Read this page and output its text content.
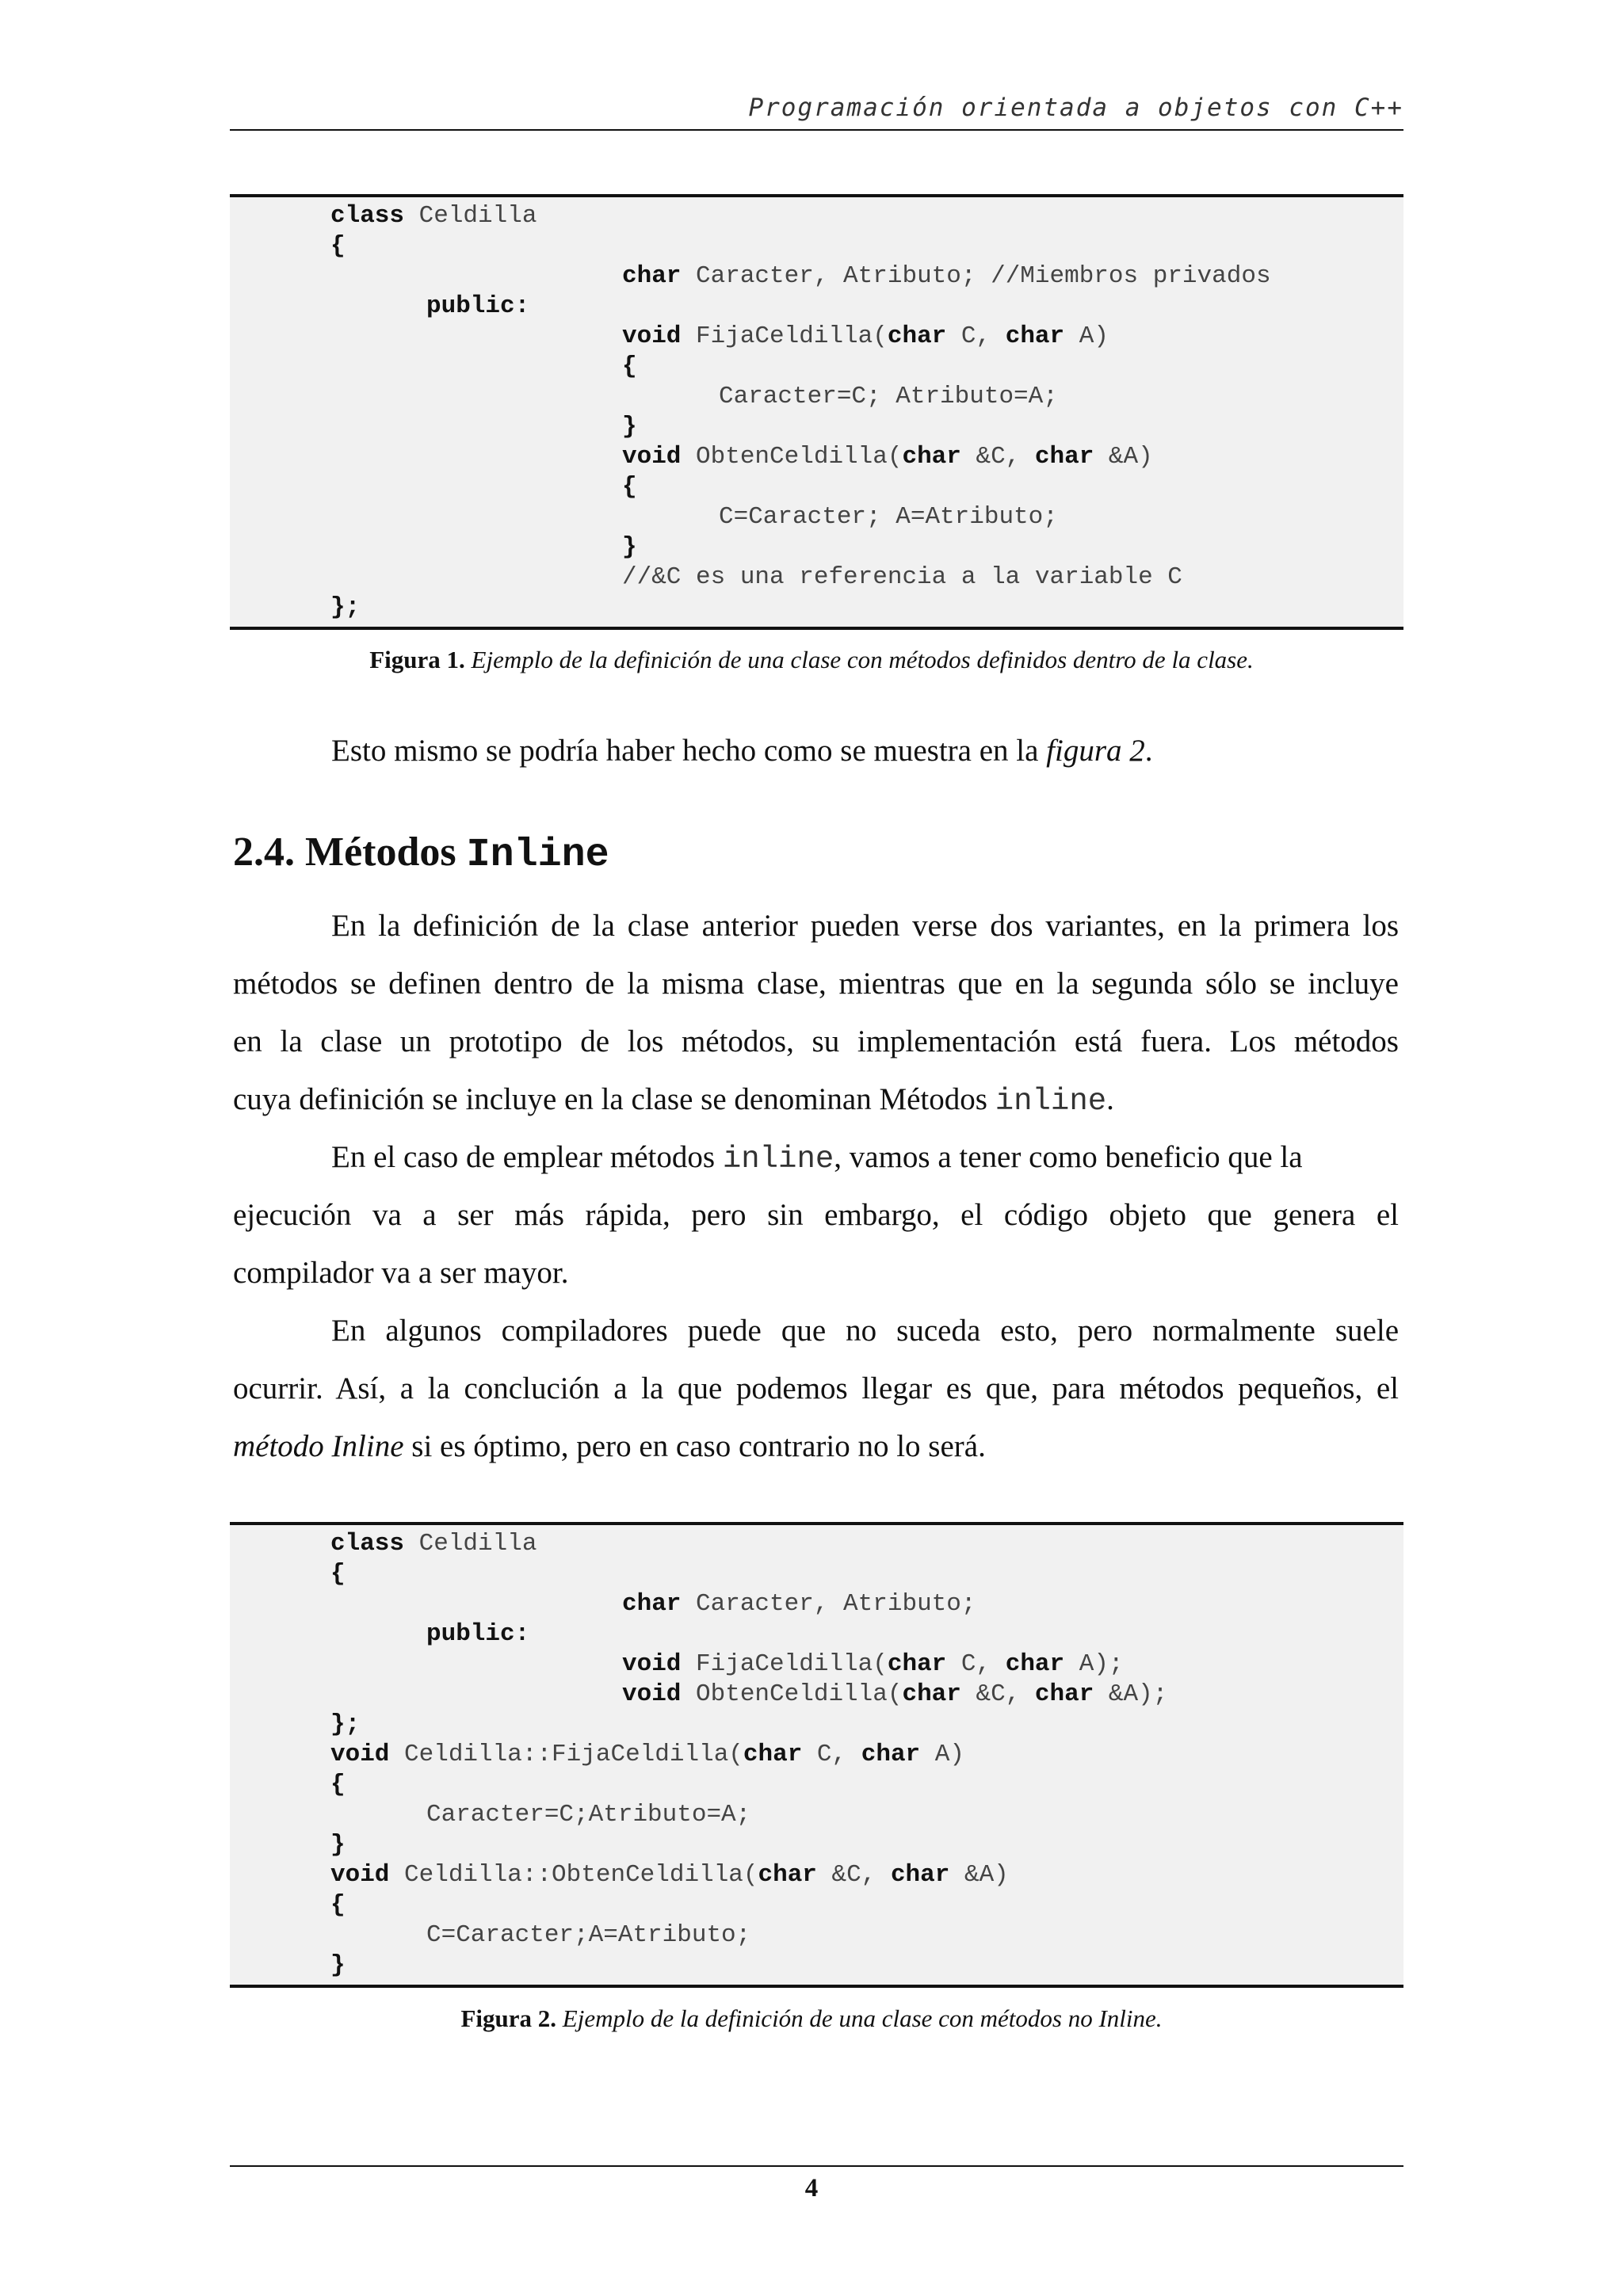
Programación orientada a objetos con C++
class Celdilla
{
char Caracter, Atributo; //Miembros privados
public:
void FijaCeldilla(char C, char A)
{
Caracter=C; Atributo=A;
}
void ObtenCeldilla(char &C, char &A)
{
C=Caracter; A=Atributo;
}
//&C es una referencia a la variable C
};
Figura 1. Ejemplo de la definición de una clase con métodos definidos dentro de la clase.
Esto mismo se podría haber hecho como se muestra en la figura 2.
2.4. Métodos Inline
En la definición de la clase anterior pueden verse dos variantes, en la primera los
métodos se definen dentro de la misma clase, mientras que en la segunda sólo se incluye
en la clase un prototipo de los métodos, su implementación está fuera. Los métodos
cuya definición se incluye en la clase se denominan Métodos inline.
En el caso de emplear métodos inline, vamos a tener como beneficio que la
ejecución va a ser más rápida, pero sin embargo, el código objeto que genera el
compilador va a ser mayor.
En algunos compiladores puede que no suceda esto, pero normalmente suele
ocurrir. Así, a la conclución a la que podemos llegar es que, para métodos pequeños, el
método Inline si es óptimo, pero en caso contrario no lo será.
class Celdilla
{
char Caracter, Atributo;
public:
void FijaCeldilla(char C, char A);
void ObtenCeldilla(char &C, char &A);
};
void Celdilla::FijaCeldilla(char C, char A)
{
Caracter=C;Atributo=A;
}
void Celdilla::ObtenCeldilla(char &C, char &A)
{
C=Caracter;A=Atributo;
}
Figura 2. Ejemplo de la definición de una clase con métodos no Inline.
4
